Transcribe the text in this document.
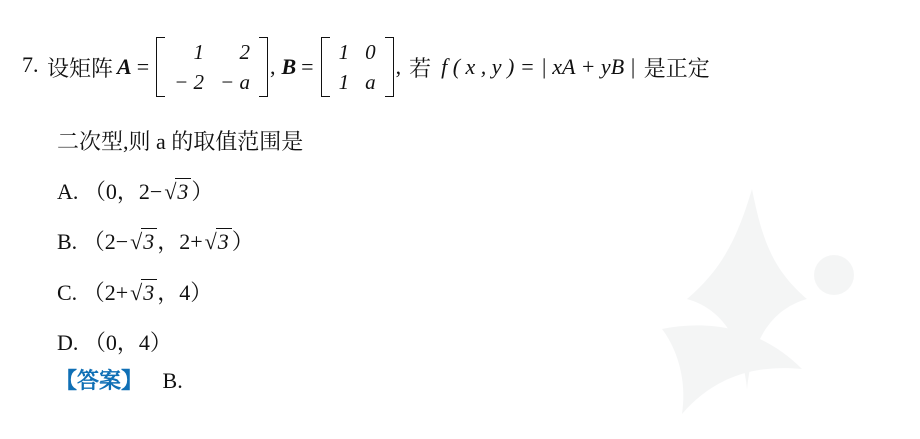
7. 设矩阵 A =
1	2
− 2	− a
, B =
1	0
1	a
, 若 f ( x , y ) = | xA + yB | 是正定
二次型,则 a 的取值范围是
A. （0，2−√3 ）
B. （2−√3 ，2+√3 ）
C. （2+√3 ，4）
D. （0，4）
【答案】 B.
